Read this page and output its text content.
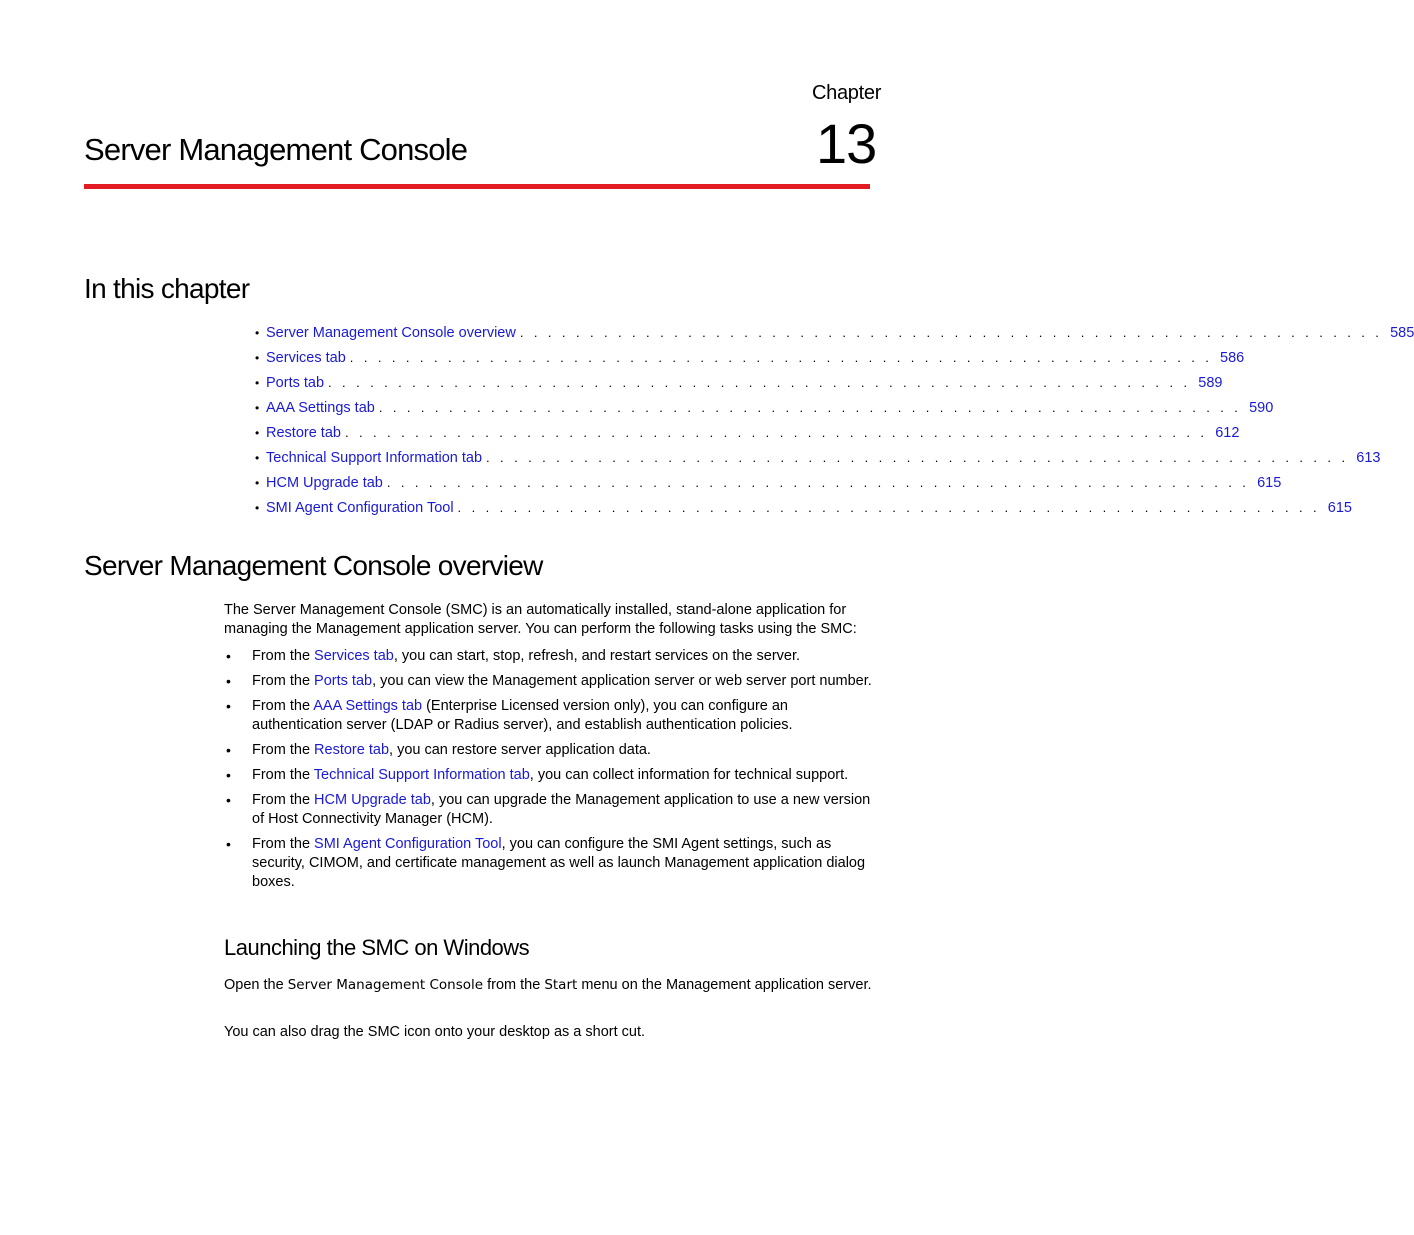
Chapter
13
Server Management Console
In this chapter
• Server Management Console overview . . . . . . . . . . . . . . . . . . . . . . . . . . . . . . . . . . . . . . . . . . . . . . . . . . . . . . . . . . . . . . 585
• Services tab . . . . . . . . . . . . . . . . . . . . . . . . . . . . . . . . . . . . . . . . . . . . . . . . . . . . . . . . . . . . . . 586
• Ports tab . . . . . . . . . . . . . . . . . . . . . . . . . . . . . . . . . . . . . . . . . . . . . . . . . . . . . . . . . . . . . . 589
• AAA Settings tab . . . . . . . . . . . . . . . . . . . . . . . . . . . . . . . . . . . . . . . . . . . . . . . . . . . . . . . . . . . . . . 590
• Restore tab . . . . . . . . . . . . . . . . . . . . . . . . . . . . . . . . . . . . . . . . . . . . . . . . . . . . . . . . . . . . . . 612
• Technical Support Information tab . . . . . . . . . . . . . . . . . . . . . . . . . . . . . . . . . . . . . . . . . . . . . . . . . . . . . . . . . . . . . . 613
• HCM Upgrade tab . . . . . . . . . . . . . . . . . . . . . . . . . . . . . . . . . . . . . . . . . . . . . . . . . . . . . . . . . . . . . . 615
• SMI Agent Configuration Tool . . . . . . . . . . . . . . . . . . . . . . . . . . . . . . . . . . . . . . . . . . . . . . . . . . . . . . . . . . . . . . 615
Server Management Console overview
The Server Management Console (SMC) is an automatically installed, stand-alone application for managing the Management application server. You can perform the following tasks using the SMC:
• From the Services tab, you can start, stop, refresh, and restart services on the server.
• From the Ports tab, you can view the Management application server or web server port number.
• From the AAA Settings tab (Enterprise Licensed version only), you can configure an authentication server (LDAP or Radius server), and establish authentication policies.
• From the Restore tab, you can restore server application data.
• From the Technical Support Information tab, you can collect information for technical support.
• From the HCM Upgrade tab, you can upgrade the Management application to use a new version of Host Connectivity Manager (HCM).
• From the SMI Agent Configuration Tool, you can configure the SMI Agent settings, such as security, CIMOM, and certificate management as well as launch Management application dialog boxes.
Launching the SMC on Windows
Open the Server Management Console from the Start menu on the Management application server.
You can also drag the SMC icon onto your desktop as a short cut.
